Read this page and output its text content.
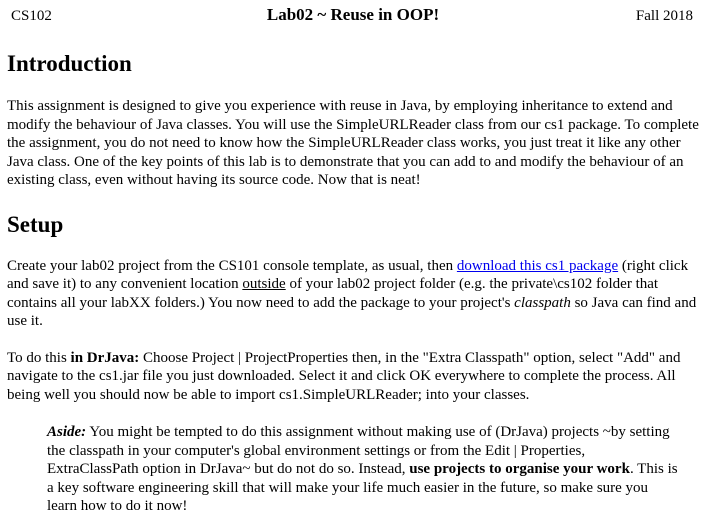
CS102	Lab02 ~ Reuse in OOP!	Fall 2018
Introduction

This assignment is designed to give you experience with reuse in Java, by employing inheritance to extend and modify the behaviour of Java classes. You will use the SimpleURLReader class from our cs1 package. To complete the assignment, you do not need to know how the SimpleURLReader class works, you just treat it like any other Java class. One of the key points of this lab is to demonstrate that you can add to and modify the behaviour of an existing class, even without having its source code. Now that is neat!

Setup

Create your lab02 project from the CS101 console template, as usual, then download this cs1 package (right click and save it) to any convenient location outside of your lab02 project folder (e.g. the private\cs102 folder that contains all your labXX folders.) You now need to add the package to your project's classpath so Java can find and use it.

To do this in DrJava: Choose Project | ProjectProperties then, in the "Extra Classpath" option, select "Add" and navigate to the cs1.jar file you just downloaded. Select it and click OK everywhere to complete the process. All being well you should now be able to import cs1.SimpleURLReader; into your classes.

Aside: You might be tempted to do this assignment without making use of (DrJava) projects ~by setting the classpath in your computer's global environment settings or from the Edit | Properties, ExtraClassPath option in DrJava~ but do not do so. Instead, use projects to organise your work. This is a key software engineering skill that will make your life much easier in the future, so make sure you learn how to do it now!
